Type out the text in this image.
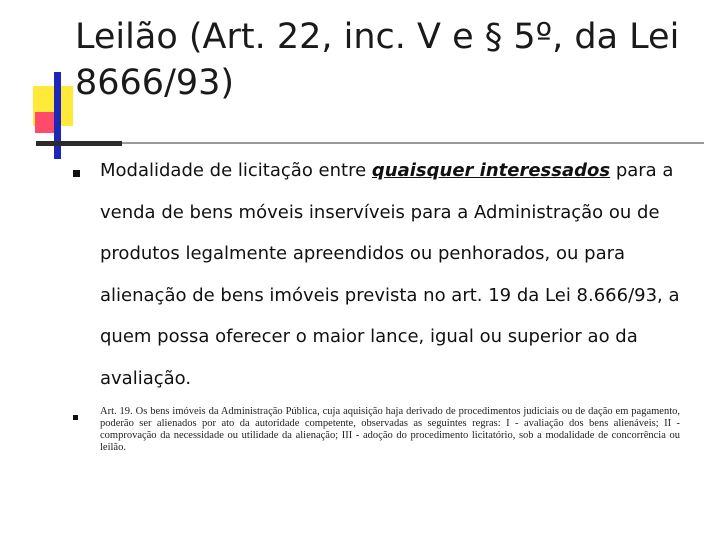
Leilão (Art. 22, inc. V e § 5º, da Lei 8666/93)
Modalidade de licitação entre quaisquer interessados para a venda de bens móveis inservíveis para a Administração ou de produtos legalmente apreendidos ou penhorados, ou para alienação de bens imóveis prevista no art. 19 da Lei 8.666/93, a quem possa oferecer o maior lance, igual ou superior ao da avaliação.
Art. 19. Os bens imóveis da Administração Pública, cuja aquisição haja derivado de procedimentos judiciais ou de dação em pagamento, poderão ser alienados por ato da autoridade competente, observadas as seguintes regras: I - avaliação dos bens alienáveis; II - comprovação da necessidade ou utilidade da alienação; III - adoção do procedimento licitatório, sob a modalidade de concorrência ou leilão.
